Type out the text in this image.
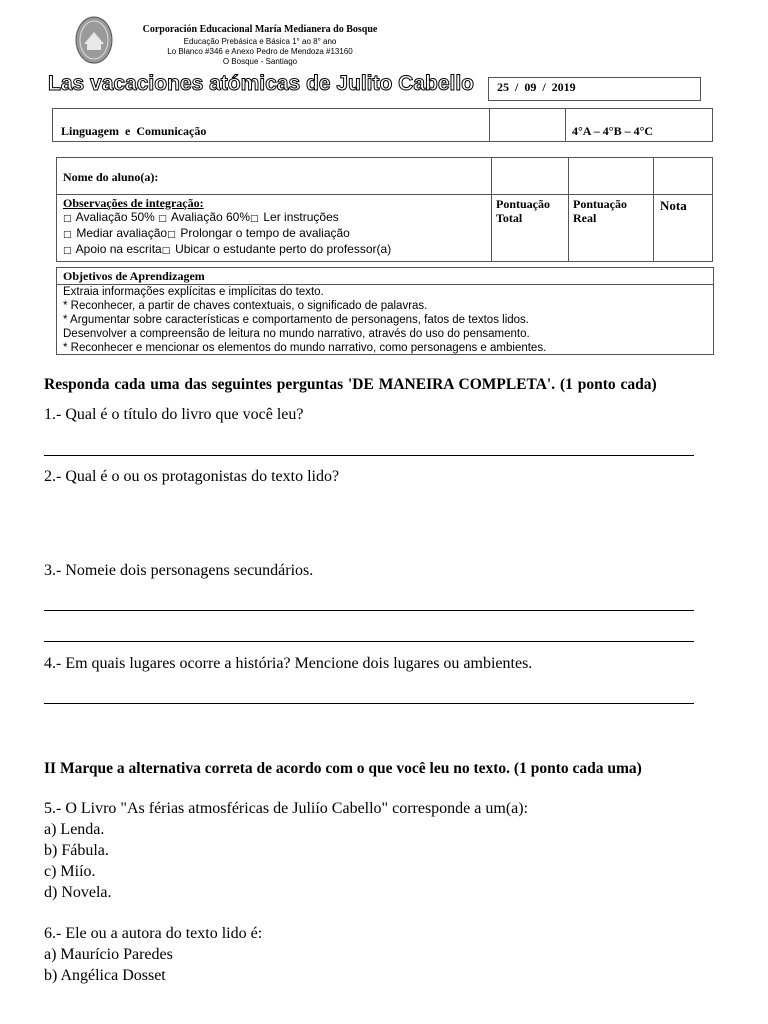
Corporación Educacional María Medianera do Bosque
Educação Prebásica e Básica 1° ao 8° ano
Lo Blanco #346 e Anexo Pedro de Mendoza #13160
O Bosque - Santiago
Las vacaciones atómicas de Julito Cabello 25  /  09  /  2019
Linguagem  e  Comunicação		4°A – 4°B – 4°C
Nome do aluno(a):			

Observações de integração:
□ Avaliação 50% □ Avaliação 60%□ Ler instruções
□ Mediar avaliação□ Prolongar o tempo de avaliação
□ Apoio na escrita□ Ubicar o estudante perto do professor(a)	Pontuação Total	Pontuação Real	Nota
Objetivos de Aprendizagem
Extraia informações explícitas e implícitas do texto.
* Reconhecer, a partir de chaves contextuais, o significado de palavras.
* Argumentar sobre características e comportamento de personagens, fatos de textos lidos.
Desenvolver a compreensão de leitura no mundo narrativo, através do uso do pensamento.
* Reconhecer e mencionar os elementos do mundo narrativo, como personagens e ambientes.
Responda cada uma das seguintes perguntas 'DE MANEIRA COMPLETA'. (1 ponto cada)
1.- Qual é o título do livro que você leu?
2.- Qual é o ou os protagonistas do texto lido?
3.- Nomeie dois personagens secundários.
4.- Em quais lugares ocorre a história? Mencione dois lugares ou ambientes.
II Marque a alternativa correta de acordo com o que você leu no texto. (1 ponto cada uma)
5.- O Livro "As férias atmosféricas de Juliío Cabello" corresponde a um(a):
a) Lenda.
b) Fábula.
c) Miío.
d) Novela.
6.- Ele ou a autora do texto lido é:
a) Maurício Paredes
b) Angélica Dosset
